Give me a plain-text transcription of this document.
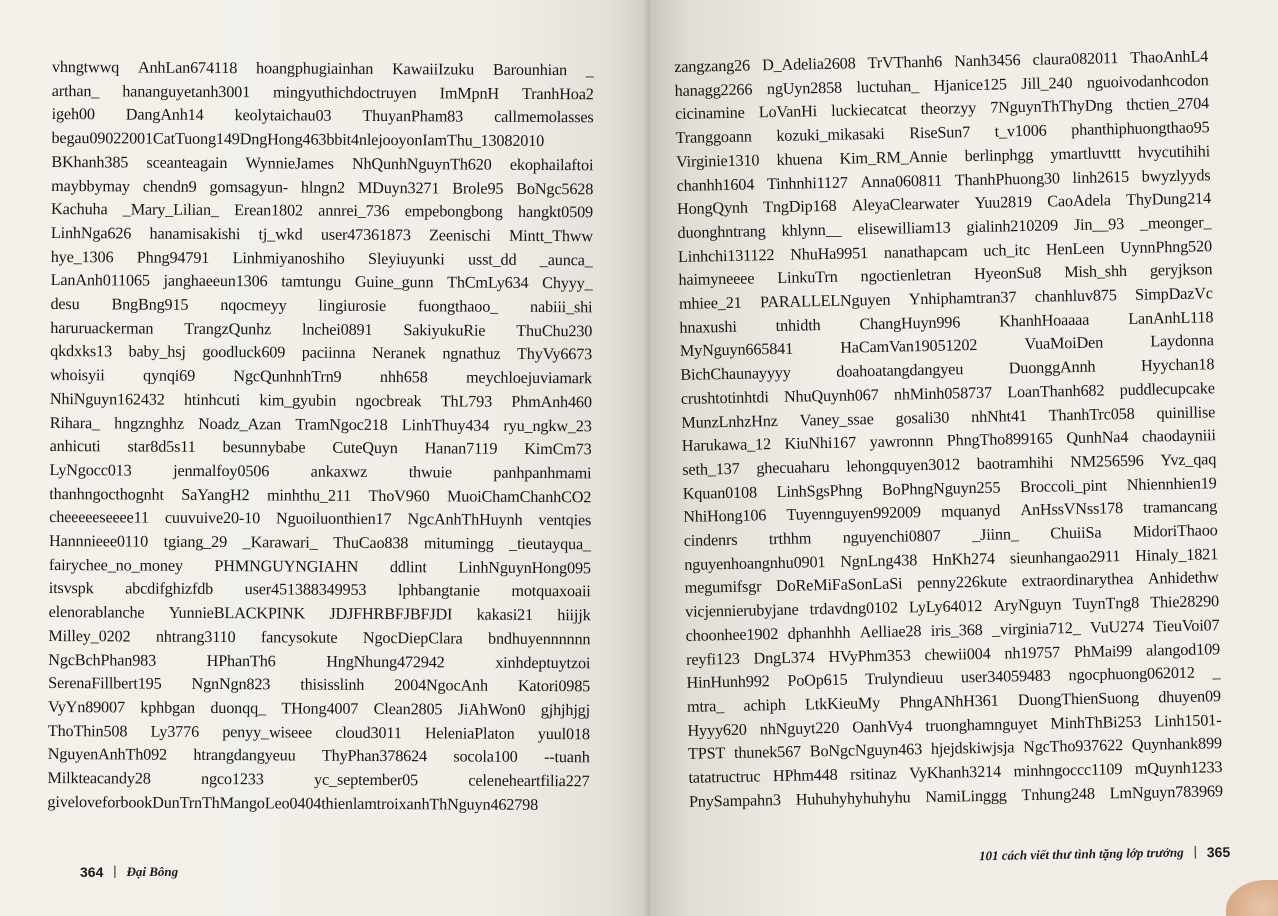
vhngtwwq AnhLan674118 hoangphugiainhan KawaiiIzuku Barounhian _
arthan_ hananguyetanh3001 mingyuthichdoctruyen ImMpnH TranhHoa2
igeh00 DangAnh14 keolytaichau03 ThuyanPham83 callmemolasses
begau09022001CatTuong149DngHong463bbit4nlejooyonIamThu_13082010
BKhanh385 sceanteagain WynnieJames NhQunhNguynTh620 ekophailaftoi
maybbymay chendn9 gomsagyun- hlngn2 MDuyn3271 Brole95 BoNgc5628
Kachuha _Mary_Lilian_ Erean1802 annrei_736 empebongbong hangkt0509
LinhNga626 hanamisakishi tj_wkd user47361873 Zeenischi Mintt_Thww
hye_1306 Phng94791 Linhmiyanoshiho Sleyiuyunki usst_dd _aunca_
LanAnh011065 janghaeeun1306 tamtungu Guine_gunn ThCmLy634 Chyyy_
desu BngBng915 nqocmeyy lingiurosie fuongthaoo_ nabiii_shi
haruruackerman TrangzQunhz lnchei0891 SakiyukuRie ThuChu230
qkdxks13 baby_hsj goodluck609 paciinna Neranek ngnathuz ThyVy6673
whoisyii qynqi69 NgcQunhnhTrn9 nhh658 meychloejuviamark
NhiNguyn162432 htinhcuti kim_gyubin ngocbreak ThL793 PhmAnh460
Rihara_ hngznghhz Noadz_Azan TramNgoc218 LinhThuy434 ryu_ngkw_23
anhicuti star8d5s11 besunnybabe CuteQuyn Hanan7119 KimCm73
LyNgocc013	jenmalfoy0506	ankaxwz	thwuie	panhpanhmami
thanhngocthognht SaYangH2 minhthu_211 ThoV960 MuoiChamChanhCO2
cheeeeeseeee11 cuuvuive20-10 Nguoiluonthien17 NgcAnhThHuynh ventqies
Hannnieee0110 tgiang_29 _Karawari_ ThuCao838 mitumingg _tieutayqua_
fairychee_no_money PHMNGUYNGIAHN ddlint LinhNguynHong095
itsvspk abcdifghizfdb user451388349953 lphbangtanie motquaxoaii
elenorablanche YunnieBLACKPINK JDJFHRBFJBFJDI kakasi21 hiijjk
Milley_0202 nhtrang3110 fancysokute NgocDiepClara bndhuyennnnnn
NgcBchPhan983	HPhanTh6	HngNhung472942	xinhdeptuytzoi
SerenaFillbert195 NgnNgn823 thisisslinh 2004NgocAnh Katori0985
VyYn89007 kphbgan duonqq_ THong4007 Clean2805 JiAhWon0 gjhjhjgj
ThoThin508 Ly3776 penyy_wiseee cloud3011 HeleniaPlaton yuul018
NguyenAnhTh092 htrangdangyeuu ThyPhan378624 socola100 --tuanh
Milkteacandy28	ngco1233	yc_september05	celeneheartfilia227
giveloveforbookDunTrnThMangoLeo0404thienlamtroixanhThNguyn462798
364 | Đại Bông
zangzang26 D_Adelia2608 TrVThanh6 Nanh3456 claura082011 ThaoAnhL4
hanagg2266 ngUyn2858 luctuhan_ Hjanice125 Jill_240 nguoivodanhcodon
cicinamine LoVanHi luckiecatcat theorzyy 7NguynThThyDng thctien_2704
Tranggoann kozuki_mikasaki RiseSun7 t_v1006 phanthiphuongthao95
Virginie1310 khuena Kim_RM_Annie berlinphgg ymartluvttt hvycutihihi
chanhh1604 Tinhnhi1127 Anna060811 ThanhPhuong30 linh2615 bwyzlyyds
HongQynh TngDip168 AleyaClearwater Yuu2819 CaoAdela ThyDung214
duonghntrang khlynn__ elisewilliam13 gialinh210209 Jin__93 _meonger_
Linhchi131122 NhuHa9951 nanathapcam uch_itc HenLeen UynnPhng520
haimyneeee LinkuTrn ngoctienletran HyeonSu8 Mish_shh geryjkson
mhiee_21 PARALLELNguyen Ynhiphamtran37 chanhluv875 SimpDazVc
hnaxushi tnhidth ChangHuyn996 KhanhHoaaaa LanAnhL118
MyNguyn665841	HaCamVan19051202	VuaMoiDen	Laydonna
BichChaunayyyy	doahoatangdangyeu	DuonggAnnh	Hyychan18
crushtotinhtdi NhuQuynh067 nhMinh058737 LoanThanh682 puddlecupcake
MunzLnhzHnz Vaney_ssae gosali30 nhNht41 ThanhTrc058 quinillise
Harukawa_12 KiuNhi167 yawronnn PhngTho899165 QunhNa4 chaodayniii
seth_137 ghecuaharu lehongquyen3012 baotramhihi NM256596 Yvz_qaq
Kquan0108 LinhSgsPhng BoPhngNguyn255 Broccoli_pint Nhiennhien19
NhiHong106 Tuyennguyen992009 mquanyd AnHssVNss178 tramancang
cindenrs trthhm nguyenchi0807 _Jiinn_ ChuiiSa MidoriThaoo
nguyenhoangnhu0901 NgnLng438 HnKh274 sieunhangao2911 Hinaly_1821
megumifsgr DoReMiFaSonLaSi penny226kute extraordinarythea Anhidethw
vicjennierubyjane trdavdng0102 LyLy64012 AryNguyn TuynTng8 Thie28290
choonhee1902 dphanhhh Aelliae28 iris_368 _virginia712_ VuU274 TieuVoi07
reyfi123 DngL374 HVyPhm353 chewii004 nh19757 PhMai99 alangod109
HinHunh992 PoOp615 Trulyndieuu user34059483 ngocphuong062012 _
mtra_ achiph LtkKieuMy PhngANhH361 DuongThienSuong dhuyen09
Hyyy620 nhNguyt220 OanhVy4 truonghamnguyet MinhThBi253 Linh1501-
TPST thunek567 BoNgcNguyn463 hjejdskiwjsja NgcTho937622 Quynhank899
tatatructruc HPhm448 rsitinaz VyKhanh3214 minhngoccc1109 mQuynh1233
PnySampahn3 Huhuhyhyhuhyhu NamiLinggg Tnhung248 LmNguyn783969
101 cách viết thư tình tặng lớp trưởng | 365
